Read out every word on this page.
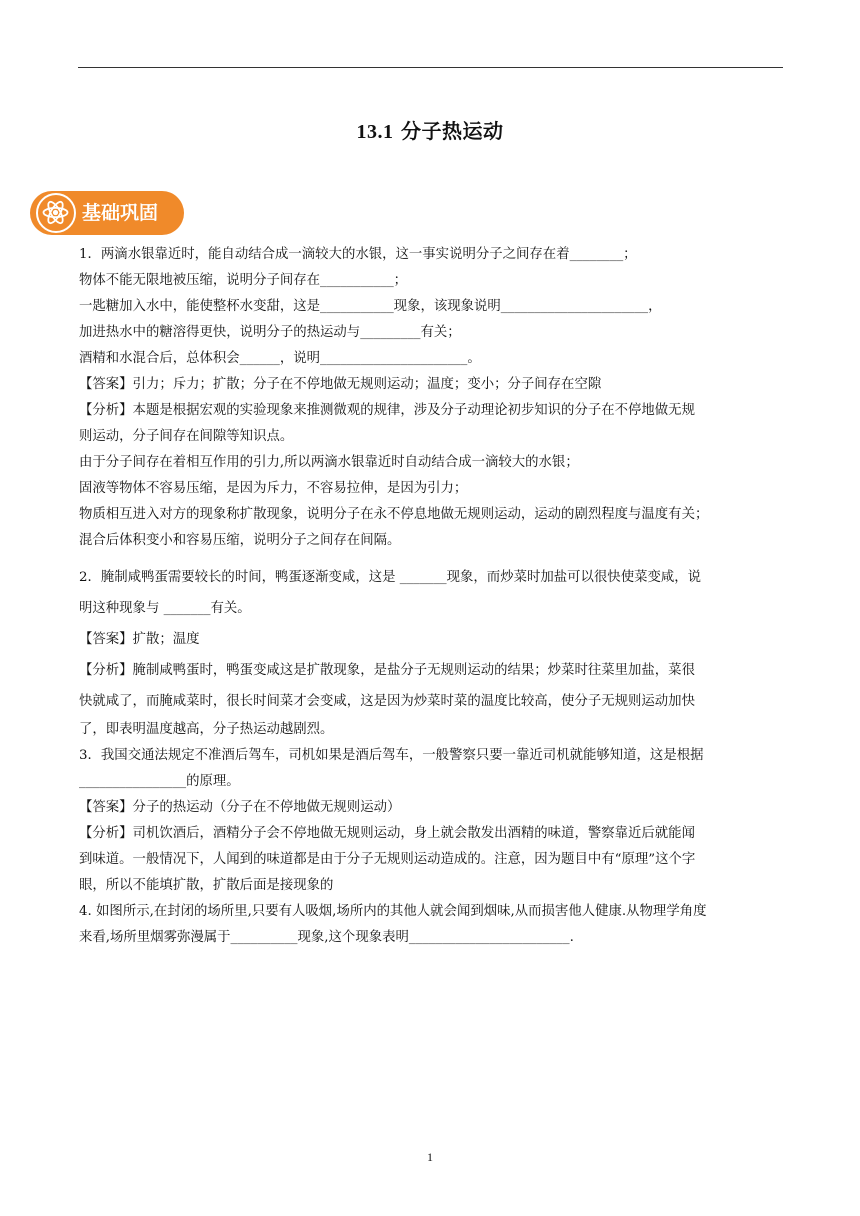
13.1 分子热运动
基础巩固
1．两滴水银靠近时，能自动结合成一滴较大的水银，这一事实说明分子之间存在着________；
物体不能无限地被压缩，说明分子间存在___________；
一匙糖加入水中，能使整杯水变甜，这是___________现象，该现象说明______________________，
加进热水中的糖溶得更快，说明分子的热运动与_________有关；
酒精和水混合后，总体积会______，说明______________________。
【答案】引力；斥力；扩散；分子在不停地做无规则运动；温度；变小；分子间存在空隙
【分析】本题是根据宏观的实验现象来推测微观的规律，涉及分子动理论初步知识的分子在不停地做无规
则运动，分子间存在间隙等知识点。
由于分子间存在着相互作用的引力,所以两滴水银靠近时自动结合成一滴较大的水银；
固液等物体不容易压缩，是因为斥力，不容易拉伸，是因为引力；
物质相互进入对方的现象称扩散现象，说明分子在永不停息地做无规则运动，运动的剧烈程度与温度有关；
混合后体积变小和容易压缩，说明分子之间存在间隔。
2．腌制咸鸭蛋需要较长的时间，鸭蛋逐渐变咸，这是 _______现象，而炒菜时加盐可以很快使菜变咸，说
明这种现象与 _______有关。
【答案】扩散；温度
【分析】腌制咸鸭蛋时，鸭蛋变咸这是扩散现象，是盐分子无规则运动的结果；炒菜时往菜里加盐，菜很
快就咸了，而腌咸菜时，很长时间菜才会变咸，这是因为炒菜时菜的温度比较高，使分子无规则运动加快
了，即表明温度越高，分子热运动越剧烈。
3．我国交通法规定不准酒后驾车，司机如果是酒后驾车，一般警察只要一靠近司机就能够知道，这是根据
________________的原理。
【答案】分子的热运动（分子在不停地做无规则运动）
【分析】司机饮酒后，酒精分子会不停地做无规则运动，身上就会散发出酒精的味道，警察靠近后就能闻
到味道。一般情况下，人闻到的味道都是由于分子无规则运动造成的。注意，因为题目中有“原理”这个字
眼，所以不能填扩散，扩散后面是接现象的
4. 如图所示,在封闭的场所里,只要有人吸烟,场所内的其他人就会闻到烟味,从而损害他人健康.从物理学角度
来看,场所里烟雾弥漫属于__________现象,这个现象表明________________________.
1
